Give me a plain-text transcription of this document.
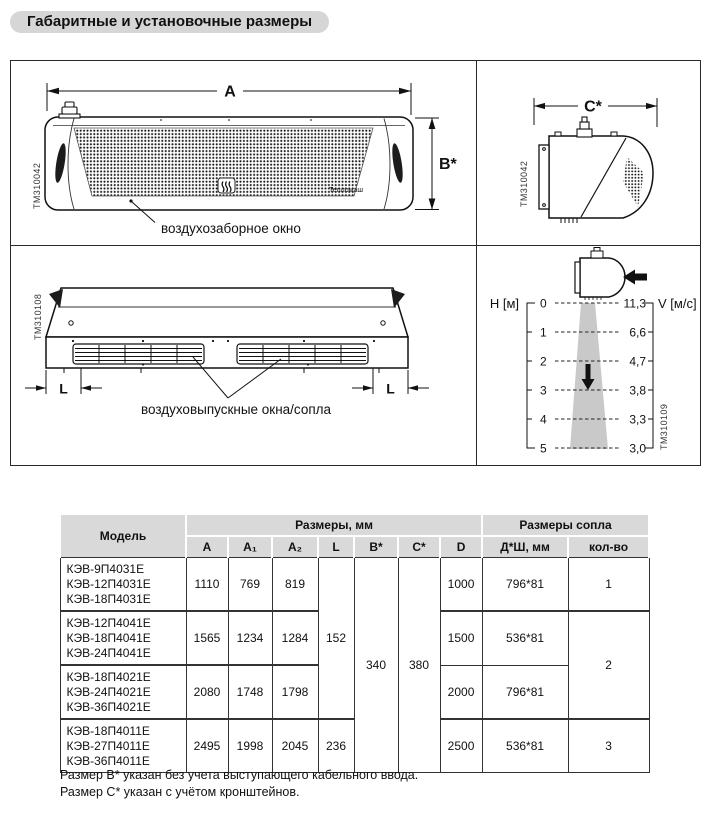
Габаритные и установочные размеры
A
Тепломаш
воздухозаборное окно
B*
ТМ310042
C*
ТМ310042
L	L
воздуховыпускные окна/сопла
ТМ310108	Н [м] 0
1
2
3
4
5
11,3
6,6
4,7
3,8
3,3
3,0
V [м/с]
ТМ310109
Модель	Размеры, мм							Размеры сопла	
	A	A₁	A₂	L	B*	C*	D	Д*Ш, мм	кол-во

КЭВ-9П4031Е
КЭВ-12П4031Е
КЭВ-18П4031Е	1110	769	819	152	340	380	1000	796*81	1

КЭВ-12П4041Е
КЭВ-18П4041Е
КЭВ-24П4041Е	1565	1234	1284				1500	536*81	2

КЭВ-18П4021Е
КЭВ-24П4021Е
КЭВ-36П4021Е	2080	1748	1798				2000	796*81	

КЭВ-18П4011Е
КЭВ-27П4011Е
КЭВ-36П4011Е	2495	1998	2045	236			2500	536*81	3
Размер В* указан без учета выступающего кабельного ввода.
Размер С* указан с учётом кронштейнов.
